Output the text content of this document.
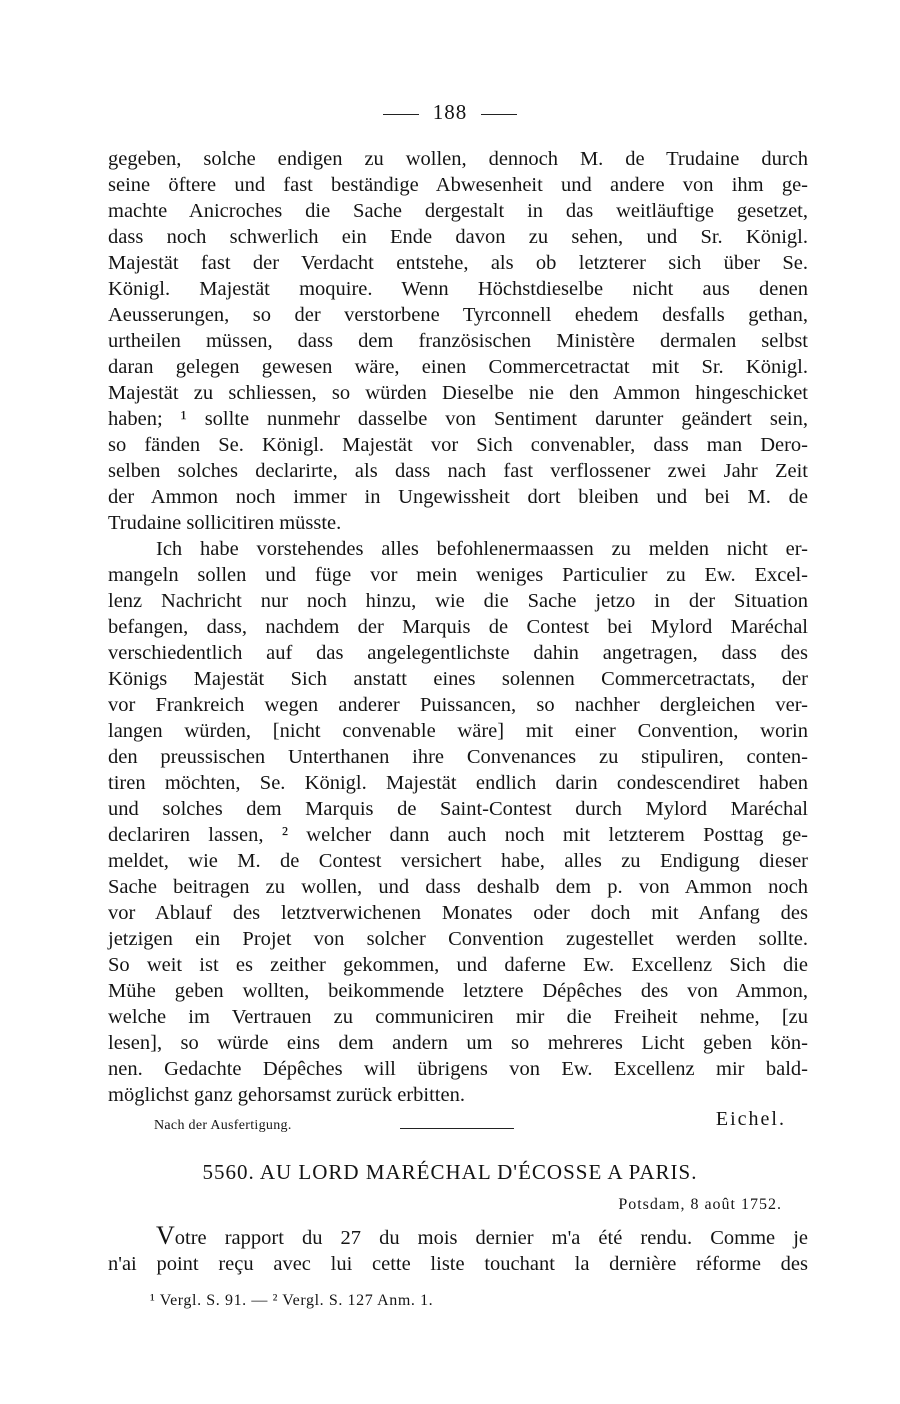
188
gegeben, solche endigen zu wollen, dennoch M. de Trudaine durch
seine öftere und fast beständige Abwesenheit und andere von ihm ge-
machte Anicroches die Sache dergestalt in das weitläuftige gesetzet,
dass noch schwerlich ein Ende davon zu sehen, und Sr. Königl.
Majestät fast der Verdacht entstehe, als ob letzterer sich über Se.
Königl. Majestät moquire. Wenn Höchstdieselbe nicht aus denen
Aeusserungen, so der verstorbene Tyrconnell ehedem desfalls gethan,
urtheilen müssen, dass dem französischen Ministère dermalen selbst
daran gelegen gewesen wäre, einen Commercetractat mit Sr. Königl.
Majestät zu schliessen, so würden Dieselbe nie den Ammon hingeschicket
haben; ¹ sollte nunmehr dasselbe von Sentiment darunter geändert sein,
so fänden Se. Königl. Majestät vor Sich convenabler, dass man Dero-
selben solches declarirte, als dass nach fast verflossener zwei Jahr Zeit
der Ammon noch immer in Ungewissheit dort bleiben und bei M. de
Trudaine sollicitiren müsste.
Ich habe vorstehendes alles befohlenermaassen zu melden nicht er-
mangeln sollen und füge vor mein weniges Particulier zu Ew. Excel-
lenz Nachricht nur noch hinzu, wie die Sache jetzo in der Situation
befangen, dass, nachdem der Marquis de Contest bei Mylord Maréchal
verschiedentlich auf das angelegentlichste dahin angetragen, dass des
Königs Majestät Sich anstatt eines solennen Commercetractats, der
vor Frankreich wegen anderer Puissancen, so nachher dergleichen ver-
langen würden, [nicht convenable wäre] mit einer Convention, worin
den preussischen Unterthanen ihre Convenances zu stipuliren, conten-
tiren möchten, Se. Königl. Majestät endlich darin condescendiret haben
und solches dem Marquis de Saint-Contest durch Mylord Maréchal
declariren lassen, ² welcher dann auch noch mit letzterem Posttag ge-
meldet, wie M. de Contest versichert habe, alles zu Endigung dieser
Sache beitragen zu wollen, und dass deshalb dem p. von Ammon noch
vor Ablauf des letztverwichenen Monates oder doch mit Anfang des
jetzigen ein Projet von solcher Convention zugestellet werden sollte.
So weit ist es zeither gekommen, und daferne Ew. Excellenz Sich die
Mühe geben wollten, beikommende letztere Dépêches des von Ammon,
welche im Vertrauen zu communiciren mir die Freiheit nehme, [zu
lesen], so würde eins dem andern um so mehreres Licht geben kön-
nen. Gedachte Dépêches will übrigens von Ew. Excellenz mir bald-
möglichst ganz gehorsamst zurück erbitten.
Nach der Ausfertigung.	Eichel.
5560. AU LORD MARÉCHAL D'ÉCOSSE A PARIS.
Potsdam, 8 août 1752.
Votre rapport du 27 du mois dernier m'a été rendu. Comme je
n'ai point reçu avec lui cette liste touchant la dernière réforme des
¹ Vergl. S. 91. — ² Vergl. S. 127 Anm. 1.
